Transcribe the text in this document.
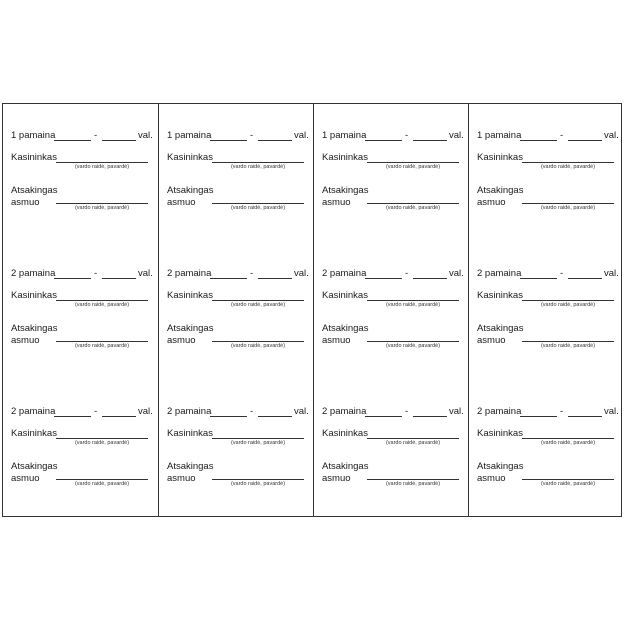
1 pamaina	-	val.
Kasininkas
(vardo raidė, pavardė)
Atsakingas
asmuo	(vardo raidė, pavardė)
2 pamaina	-	val.
Kasininkas
(vardo raidė, pavardė)
Atsakingas
asmuo	(vardo raidė, pavardė)
2 pamaina	-	val.
Kasininkas
(vardo raidė, pavardė)
Atsakingas
asmuo	(vardo raidė, pavardė)
1 pamaina	-	val.
Kasininkas
(vardo raidė, pavardė)
Atsakingas
asmuo	(vardo raidė, pavardė)
2 pamaina	-	val.
Kasininkas
(vardo raidė, pavardė)
Atsakingas
asmuo	(vardo raidė, pavardė)
2 pamaina	-	val.
Kasininkas
(vardo raidė, pavardė)
Atsakingas
asmuo	(vardo raidė, pavardė)
1 pamaina	-	val.
Kasininkas
(vardo raidė, pavardė)
Atsakingas
asmuo	(vardo raidė, pavardė)
2 pamaina	-	val.
Kasininkas
(vardo raidė, pavardė)
Atsakingas
asmuo	(vardo raidė, pavardė)
2 pamaina	-	val.
Kasininkas
(vardo raidė, pavardė)
Atsakingas
asmuo	(vardo raidė, pavardė)
1 pamaina	-	val.
Kasininkas
(vardo raidė, pavardė)
Atsakingas
asmuo	(vardo raidė, pavardė)
2 pamaina	-	val.
Kasininkas
(vardo raidė, pavardė)
Atsakingas
asmuo	(vardo raidė, pavardė)
2 pamaina	-	val.
Kasininkas
(vardo raidė, pavardė)
Atsakingas
asmuo	(vardo raidė, pavardė)
